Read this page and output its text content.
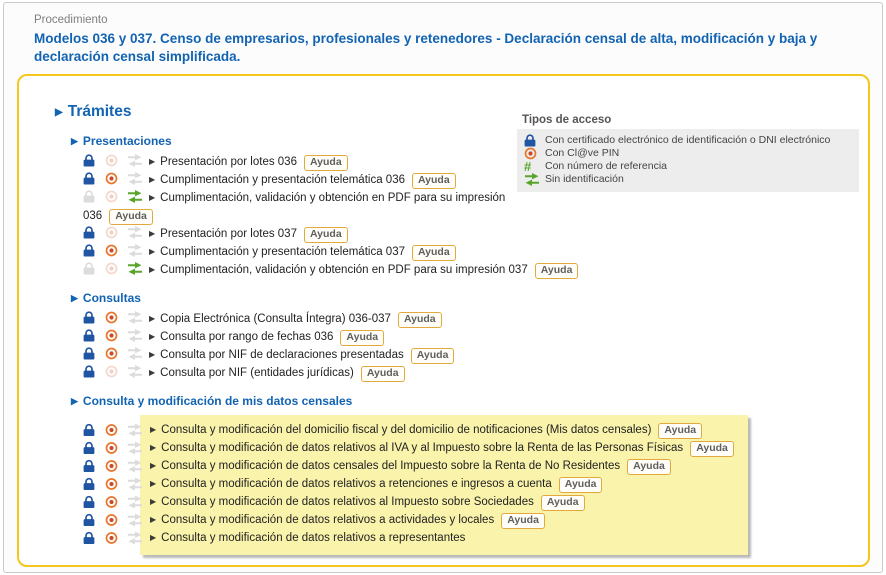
Procedimiento
Modelos 036 y 037. Censo de empresarios, profesionales y retenedores - Declaración censal de alta, modificación y baja y declaración censal simplificada.
Tipos de acceso
Con certificado electrónico de identificación o DNI electrónico
Con Cl@ve PIN
# Con número de referencia
Sin identificación
▶ Trámites
▶ Presentaciones
▶ Presentación por lotes 036 Ayuda
▶ Cumplimentación y presentación telemática 036 Ayuda
▶ Cumplimentación, validación y obtención en PDF para su impresión
036 Ayuda
▶ Presentación por lotes 037 Ayuda
▶ Cumplimentación y presentación telemática 037 Ayuda
▶ Cumplimentación, validación y obtención en PDF para su impresión 037 Ayuda
▶ Consultas
▶ Copia Electrónica (Consulta Íntegra) 036-037 Ayuda
▶ Consulta por rango de fechas 036 Ayuda
▶ Consulta por NIF de declaraciones presentadas Ayuda
▶ Consulta por NIF (entidades jurídicas) Ayuda
▶ Consulta y modificación de mis datos censales
▶ Consulta y modificación del domicilio fiscal y del domicilio de notificaciones (Mis datos censales) Ayuda
▶ Consulta y modificación de datos relativos al IVA y al Impuesto sobre la Renta de las Personas Físicas Ayuda
▶ Consulta y modificación de datos censales del Impuesto sobre la Renta de No Residentes Ayuda
▶ Consulta y modificación de datos relativos a retenciones e ingresos a cuenta Ayuda
▶ Consulta y modificación de datos relativos al Impuesto sobre Sociedades Ayuda
▶ Consulta y modificación de datos relativos a actividades y locales Ayuda
▶ Consulta y modificación de datos relativos a representantes
